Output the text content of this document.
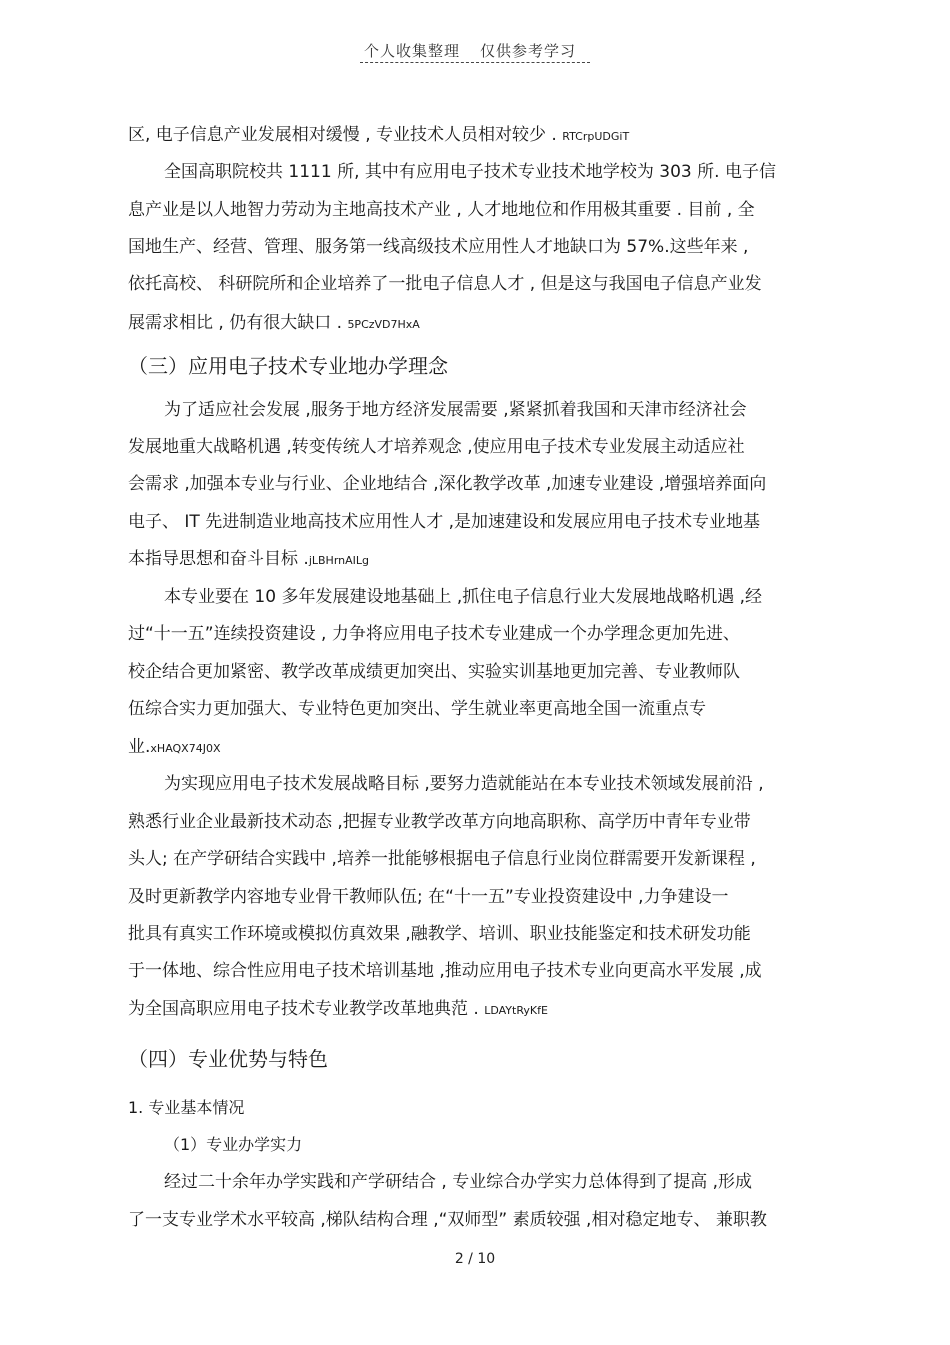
个人收集整理 仅供参考学习
区, 电子信息产业发展相对缓慢 , 专业技术人员相对较少 . RTCrpUDGiT
全国高职院校共 1111 所, 其中有应用电子技术专业技术地学校为 303 所. 电子信
息产业是以人地智力劳动为主地高技术产业 , 人才地地位和作用极其重要 . 目前 , 全
国地生产、经营、管理、服务第一线高级技术应用性人才地缺口为 57%.这些年来 ,
依托高校、 科研院所和企业培养了一批电子信息人才 , 但是这与我国电子信息产业发
展需求相比 , 仍有很大缺口 . 5PCzVD7HxA
（三）应用电子技术专业地办学理念
为了适应社会发展 ,服务于地方经济发展需要 ,紧紧抓着我国和天津市经济社会
发展地重大战略机遇 ,转变传统人才培养观念 ,使应用电子技术专业发展主动适应社
会需求 ,加强本专业与行业、企业地结合 ,深化教学改革 ,加速专业建设 ,增强培养面向
电子、 IT 先进制造业地高技术应用性人才 ,是加速建设和发展应用电子技术专业地基
本指导思想和奋斗目标 .jLBHrnAILg
本专业要在 10 多年发展建设地基础上 ,抓住电子信息行业大发展地战略机遇 ,经
过“十一五”连续投资建设 , 力争将应用电子技术专业建成一个办学理念更加先进、
校企结合更加紧密、教学改革成绩更加突出、实验实训基地更加完善、专业教师队
伍综合实力更加强大、专业特色更加突出、学生就业率更高地全国一流重点专
业.xHAQX74J0X
为实现应用电子技术发展战略目标 ,要努力造就能站在本专业技术领域发展前沿 ,
熟悉行业企业最新技术动态 ,把握专业教学改革方向地高职称、高学历中青年专业带
头人; 在产学研结合实践中 ,培养一批能够根据电子信息行业岗位群需要开发新课程 ,
及时更新教学内容地专业骨干教师队伍; 在“十一五”专业投资建设中 ,力争建设一
批具有真实工作环境或模拟仿真效果 ,融教学、培训、职业技能鉴定和技术研发功能
于一体地、综合性应用电子技术培训基地 ,推动应用电子技术专业向更高水平发展 ,成
为全国高职应用电子技术专业教学改革地典范 . LDAYtRyKfE
（四）专业优势与特色
1. 专业基本情况
（1）专业办学实力
经过二十余年办学实践和产学研结合 , 专业综合办学实力总体得到了提高 ,形成
了一支专业学术水平较高 ,梯队结构合理 ,“双师型” 素质较强 ,相对稳定地专、 兼职教
2 / 10
